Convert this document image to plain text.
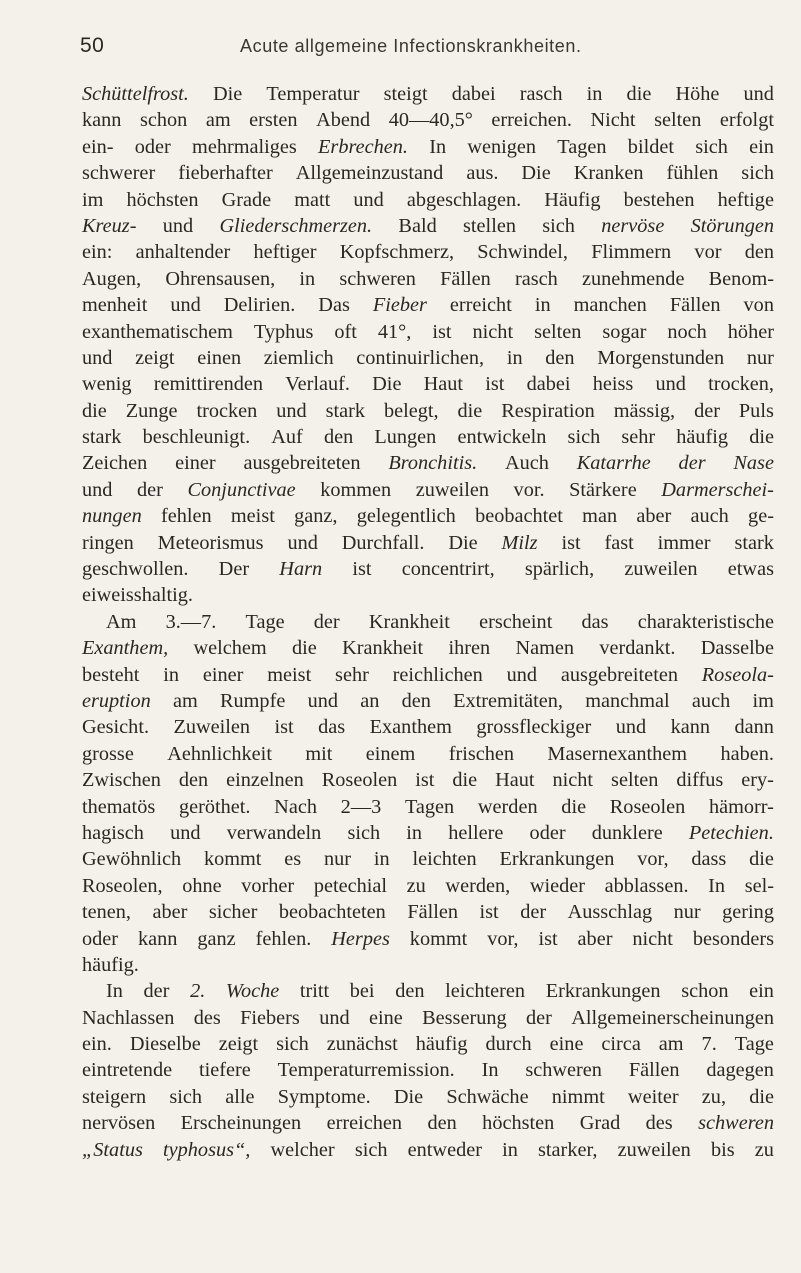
50	Acute allgemeine Infectionskrankheiten.
Schüttelfrost. Die Temperatur steigt dabei rasch in die Höhe und
kann schon am ersten Abend 40—40,5° erreichen. Nicht selten erfolgt
ein- oder mehrmaliges Erbrechen. In wenigen Tagen bildet sich ein
schwerer fieberhafter Allgemeinzustand aus. Die Kranken fühlen sich
im höchsten Grade matt und abgeschlagen. Häufig bestehen heftige
Kreuz- und Gliederschmerzen. Bald stellen sich nervöse Störungen
ein: anhaltender heftiger Kopfschmerz, Schwindel, Flimmern vor den
Augen, Ohrensausen, in schweren Fällen rasch zunehmende Benom-
menheit und Delirien. Das Fieber erreicht in manchen Fällen von
exanthematischem Typhus oft 41°, ist nicht selten sogar noch höher
und zeigt einen ziemlich continuirlichen, in den Morgenstunden nur
wenig remittirenden Verlauf. Die Haut ist dabei heiss und trocken,
die Zunge trocken und stark belegt, die Respiration mässig, der Puls
stark beschleunigt. Auf den Lungen entwickeln sich sehr häufig die
Zeichen einer ausgebreiteten Bronchitis. Auch Katarrhe der Nase
und der Conjunctivae kommen zuweilen vor. Stärkere Darmerschei-
nungen fehlen meist ganz, gelegentlich beobachtet man aber auch ge-
ringen Meteorismus und Durchfall. Die Milz ist fast immer stark
geschwollen. Der Harn ist concentrirt, spärlich, zuweilen etwas
eiweisshaltig.
Am 3.—7. Tage der Krankheit erscheint das charakteristische
Exanthem, welchem die Krankheit ihren Namen verdankt. Dasselbe
besteht in einer meist sehr reichlichen und ausgebreiteten Roseola-
eruption am Rumpfe und an den Extremitäten, manchmal auch im
Gesicht. Zuweilen ist das Exanthem grossfleckiger und kann dann
grosse Aehnlichkeit mit einem frischen Masernexanthem haben.
Zwischen den einzelnen Roseolen ist die Haut nicht selten diffus ery-
thematös geröthet. Nach 2—3 Tagen werden die Roseolen hämorr-
hagisch und verwandeln sich in hellere oder dunklere Petechien.
Gewöhnlich kommt es nur in leichten Erkrankungen vor, dass die
Roseolen, ohne vorher petechial zu werden, wieder abblassen. In sel-
tenen, aber sicher beobachteten Fällen ist der Ausschlag nur gering
oder kann ganz fehlen. Herpes kommt vor, ist aber nicht besonders
häufig.
In der 2. Woche tritt bei den leichteren Erkrankungen schon ein
Nachlassen des Fiebers und eine Besserung der Allgemeinerscheinungen
ein. Dieselbe zeigt sich zunächst häufig durch eine circa am 7. Tage
eintretende tiefere Temperaturremission. In schweren Fällen dagegen
steigern sich alle Symptome. Die Schwäche nimmt weiter zu, die
nervösen Erscheinungen erreichen den höchsten Grad des schweren
„Status typhosus“, welcher sich entweder in starker, zuweilen bis zu
